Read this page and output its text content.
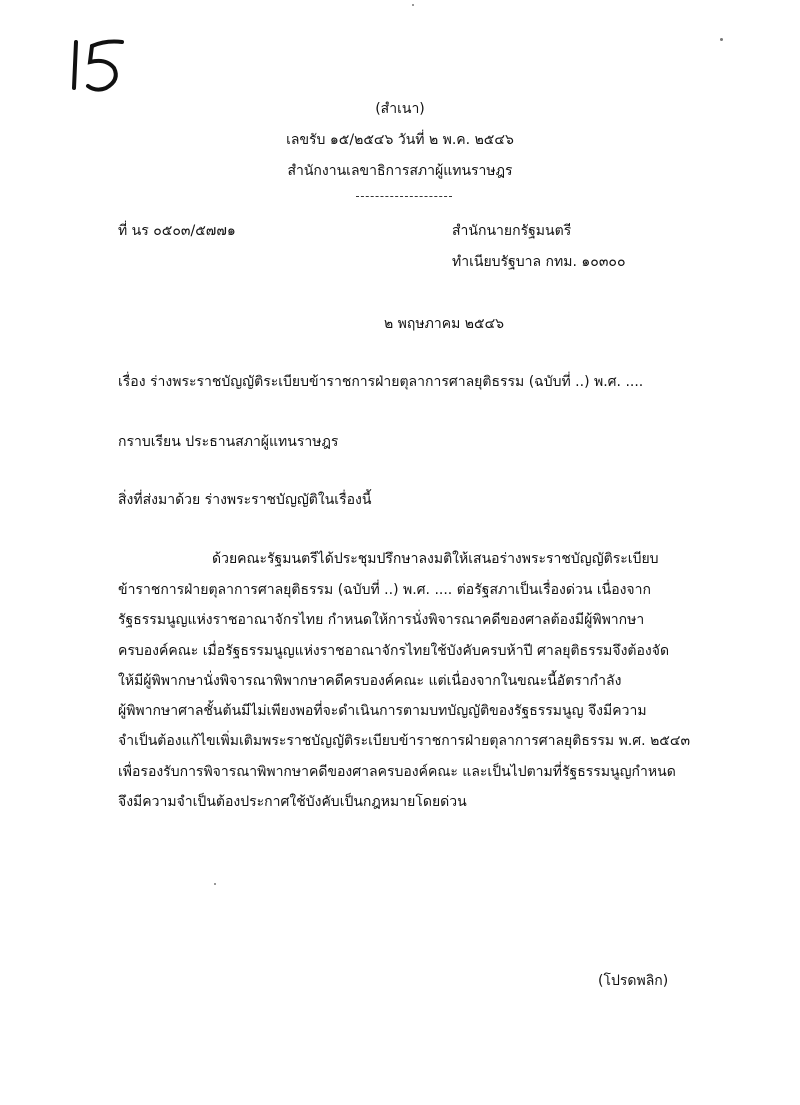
(สำเนา)
เลขรับ ๑๕/๒๕๔๖ วันที่ ๒ พ.ค. ๒๕๔๖
สำนักงานเลขาธิการสภาผู้แทนราษฎร
ที่ นร ๐๕๐๓/๕๗๗๑	สำนักนายกรัฐมนตรี
ทำเนียบรัฐบาล กทม. ๑๐๓๐๐
๒ พฤษภาคม ๒๕๔๖
เรื่อง ร่างพระราชบัญญัติระเบียบข้าราชการฝ่ายตุลาการศาลยุติธรรม (ฉบับที่ ..) พ.ศ. ....
กราบเรียน ประธานสภาผู้แทนราษฎร
สิ่งที่ส่งมาด้วย ร่างพระราชบัญญัติในเรื่องนี้
ด้วยคณะรัฐมนตรีได้ประชุมปรึกษาลงมติให้เสนอร่างพระราชบัญญัติระเบียบ
ข้าราชการฝ่ายตุลาการศาลยุติธรรม (ฉบับที่ ..) พ.ศ. .... ต่อรัฐสภาเป็นเรื่องด่วน เนื่องจาก
รัฐธรรมนูญแห่งราชอาณาจักรไทย กำหนดให้การนั่งพิจารณาคดีของศาลต้องมีผู้พิพากษา
ครบองค์คณะ เมื่อรัฐธรรมนูญแห่งราชอาณาจักรไทยใช้บังคับครบห้าปี ศาลยุติธรรมจึงต้องจัด
ให้มีผู้พิพากษานั่งพิจารณาพิพากษาคดีครบองค์คณะ แต่เนื่องจากในขณะนี้อัตรากำลัง
ผู้พิพากษาศาลชั้นต้นมีไม่เพียงพอที่จะดำเนินการตามบทบัญญัติของรัฐธรรมนูญ จึงมีความ
จำเป็นต้องแก้ไขเพิ่มเติมพระราชบัญญัติระเบียบข้าราชการฝ่ายตุลาการศาลยุติธรรม พ.ศ. ๒๕๔๓
เพื่อรองรับการพิจารณาพิพากษาคดีของศาลครบองค์คณะ และเป็นไปตามที่รัฐธรรมนูญกำหนด
จึงมีความจำเป็นต้องประกาศใช้บังคับเป็นกฎหมายโดยด่วน
(โปรดพลิก)
